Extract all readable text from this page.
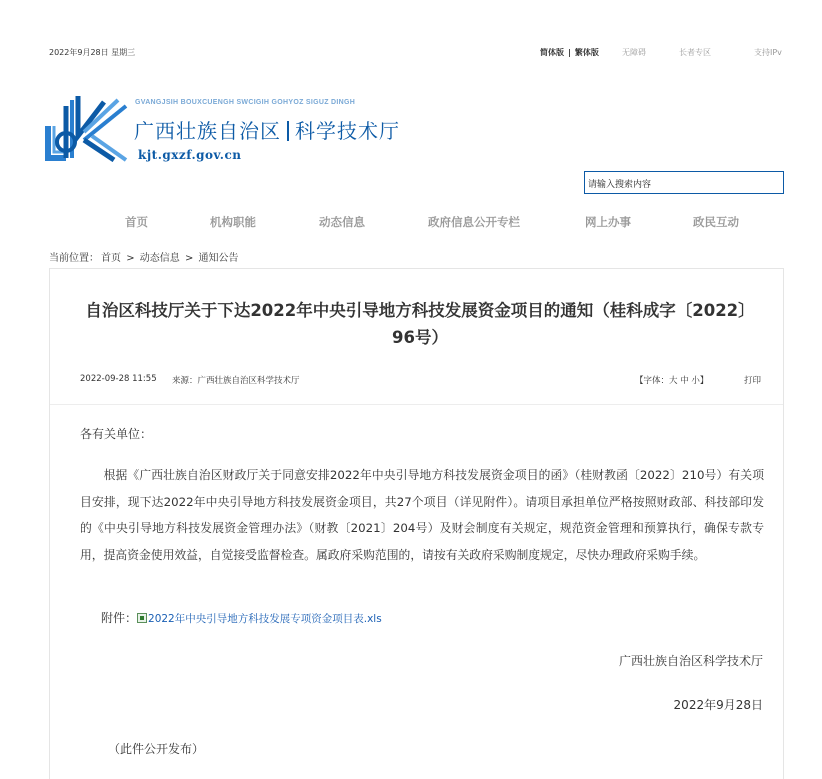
2022年9月28日 星期三	简体版 | 繁体版	无障碍	长者专区	支持IPv
GVANGJSIH BOUXCUENGH SWCIGIH GOHYOZ SIGUZ DINGH
广西壮族自治区 科学技术厅
kjt.gxzf.gov.cn
请输入搜索内容
首页	机构职能	动态信息	政府信息公开专栏	网上办事	政民互动
当前位置： 首页 > 动态信息 > 通知公告
自治区科技厅关于下达2022年中央引导地方科技发展资金项目的通知（桂科成字〔2022〕96号）
2022-09-28 11:55 来源：广西壮族自治区科学技术厅	【字体：大 中 小】	打印
各有关单位：
根据《广西壮族自治区财政厅关于同意安排2022年中央引导地方科技发展资金项目的函》（桂财教函〔2022〕210号）有关项目安排，现下达2022年中央引导地方科技发展资金项目，共27个项目（详见附件）。请项目承担单位严格按照财政部、科技部印发的《中央引导地方科技发展资金管理办法》（财教〔2021〕204号）及财会制度有关规定，规范资金管理和预算执行，确保专款专用，提高资金使用效益，自觉接受监督检查。属政府采购范围的，请按有关政府采购制度规定，尽快办理政府采购手续。
附件： 2022年中央引导地方科技发展专项资金项目表.xls
广西壮族自治区科学技术厅
2022年9月28日
（此件公开发布）
